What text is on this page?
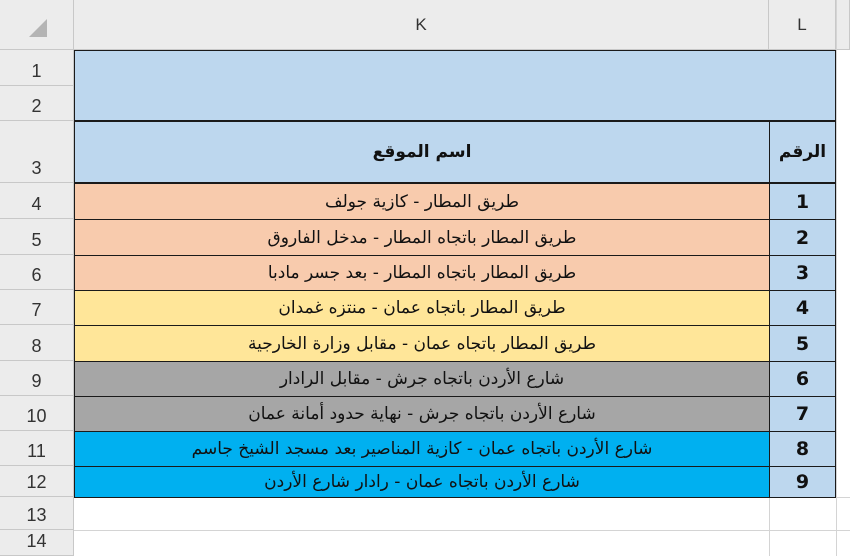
K	L
1
2
3
4
5
6
7
8
9
10
11
12
13
14
اسم الموقع	الرقم
طريق المطار - كازية جولف	1
طريق المطار باتجاه المطار - مدخل الفاروق	2
طريق المطار باتجاه المطار - بعد جسر مادبا	3
طريق المطار باتجاه عمان - منتزه غمدان	4
طريق المطار باتجاه عمان - مقابل وزارة الخارجية	5
شارع الأردن باتجاه جرش - مقابل الرادار	6
شارع الأردن باتجاه جرش - نهاية حدود أمانة عمان	7
شارع الأردن باتجاه عمان - كازية المناصير بعد مسجد الشيخ جاسم	8
شارع الأردن باتجاه عمان - رادار شارع الأردن	9
